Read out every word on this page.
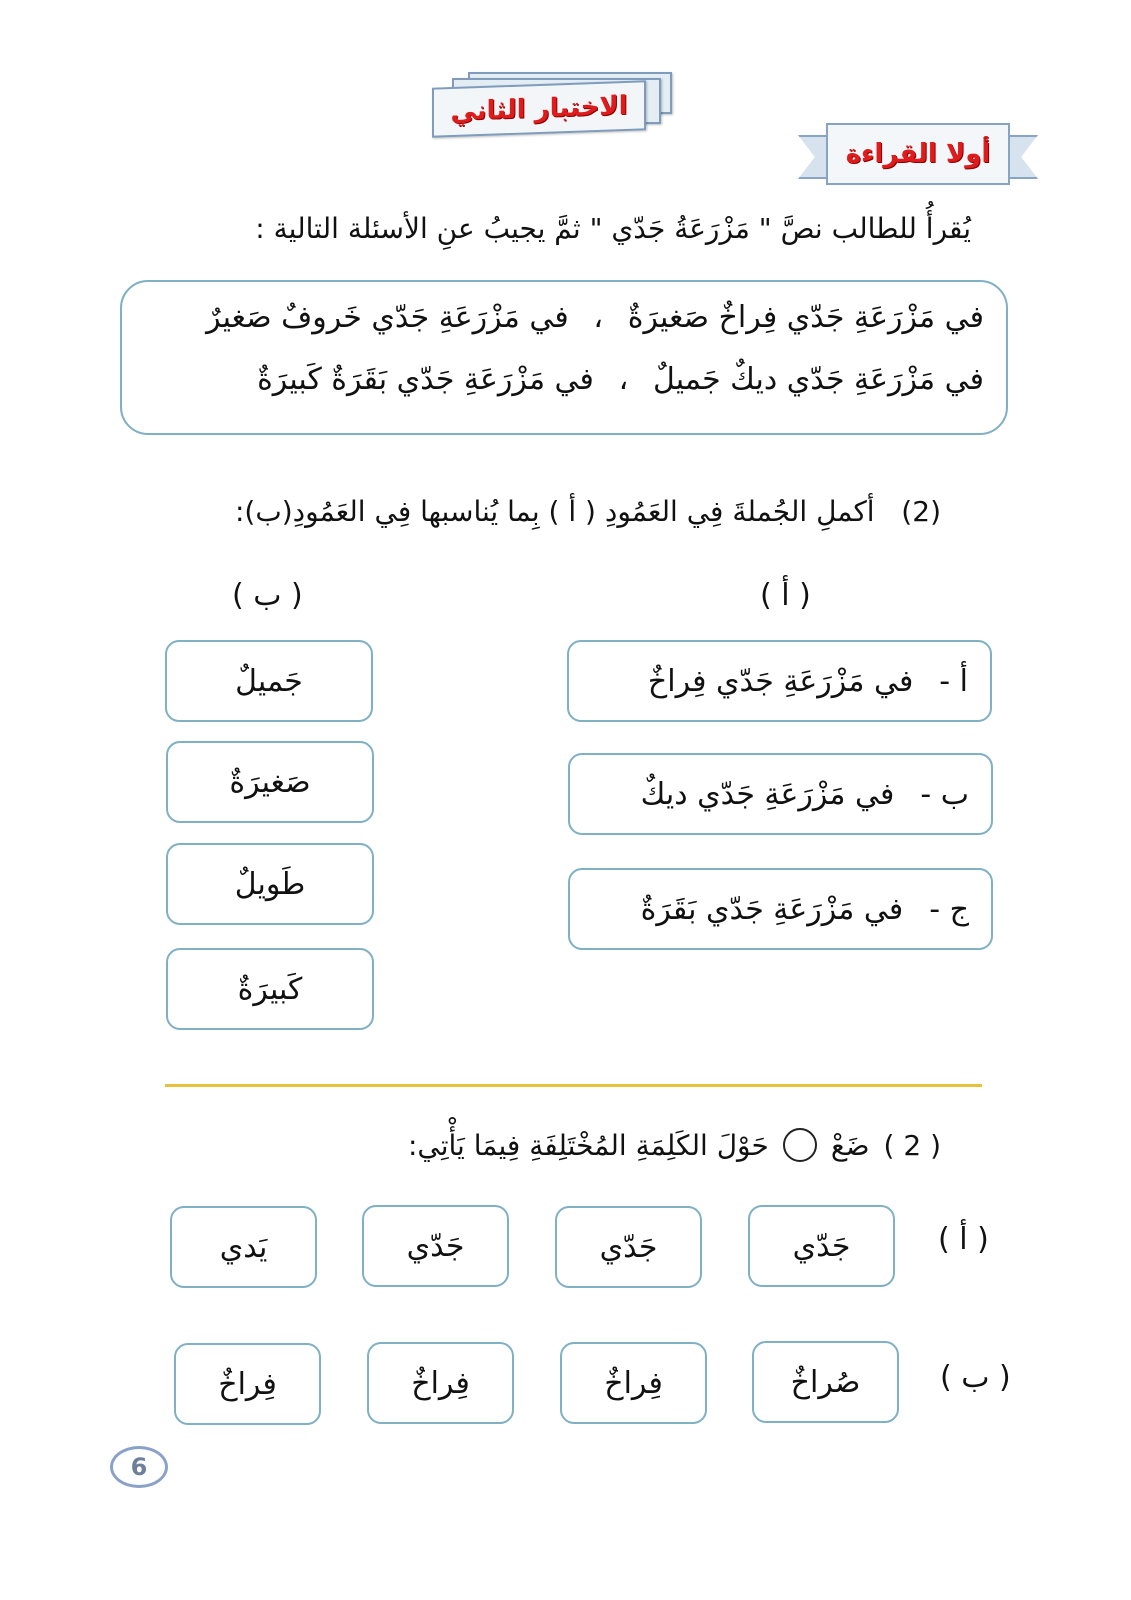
الاختبار الثاني
أولا القراءة
يُقرأُ للطالب نصَّ " مَزْرَعَةُ جَدّي " ثمَّ يجيبُ عنِ الأسئلة التالية :
في مَزْرَعَةِ جَدّي فِراخٌ صَغيرَةٌ ، في مَزْرَعَةِ جَدّي خَروفٌ صَغيرٌ
في مَزْرَعَةِ جَدّي ديكٌ جَميلٌ ، في مَزْرَعَةِ جَدّي بَقَرَةٌ كَبيرَةٌ
(2)   أكملِ الجُملةَ فِي العَمُودِ ( أ ) بِما يُناسبها فِي العَمُودِ(ب):
( أ )
( ب )
أ -
في مَزْرَعَةِ جَدّي فِراخٌ
ب -
في مَزْرَعَةِ جَدّي ديكٌ
ج -
في مَزْرَعَةِ جَدّي بَقَرَةٌ
جَميلٌ
صَغيرَةٌ
طَويلٌ
كَبيرَةٌ
( 2 )
ضَعْ
حَوْلَ الكَلِمَةِ المُخْتَلِفَةِ فِيمَا يَأْتِي:
( أ )
جَدّي
جَدّي
جَدّي
يَدي
( ب )
صُراخٌ
فِراخٌ
فِراخٌ
فِراخٌ
6
